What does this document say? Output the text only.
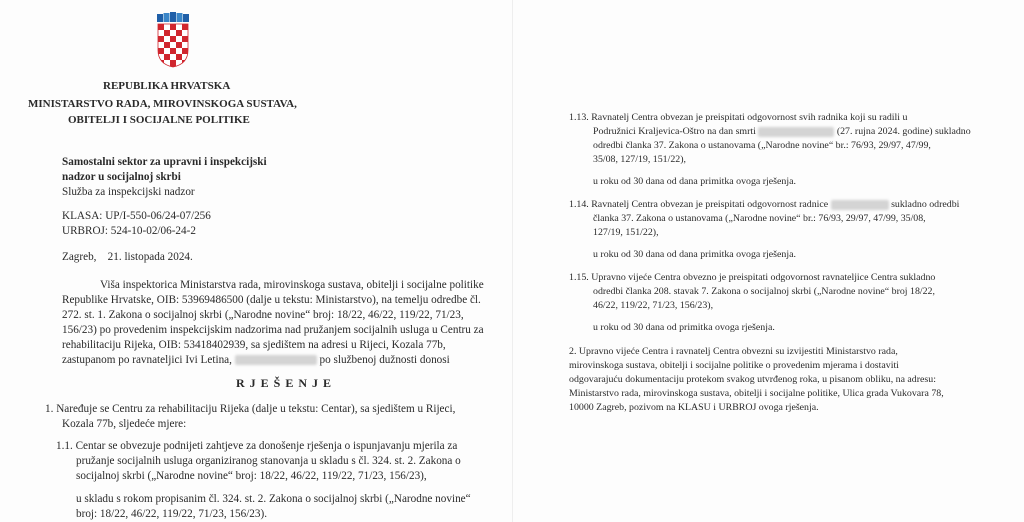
REPUBLIKA HRVATSKA
MINISTARSTVO RADA, MIROVINSKOGA SUSTAVA,
OBITELJI I SOCIJALNE POLITIKE
Samostalni sektor za upravni i inspekcijski
nadzor u socijalnoj skrbi
Služba za inspekcijski nadzor
KLASA: UP/I-550-06/24-07/256
URBROJ: 524-10-02/06-24-2
Zagreb,    21. listopada 2024.
Viša inspektorica Ministarstva rada, mirovinskoga sustava, obitelji i socijalne politike
Republike Hrvatske, OIB: 53969486500 (dalje u tekstu: Ministarstvo), na temelju odredbe čl.
272. st. 1. Zakona o socijalnoj skrbi („Narodne novine“ broj: 18/22, 46/22, 119/22, 71/23,
156/23) po provedenim inspekcijskim nadzorima nad pružanjem socijalnih usluga u Centru za
rehabilitaciju Rijeka, OIB: 53418402939, sa sjedištem na adresi u Rijeci, Kozala 77b,
zastupanom po ravnateljici Ivi Letina,	po službenoj dužnosti donosi
R J E Š E N J E
1. Naređuje se Centru za rehabilitaciju Rijeka (dalje u tekstu: Centar), sa sjedištem u Rijeci,
Kozala 77b, sljedeće mjere:
1.1. Centar se obvezuje podnijeti zahtjeve za donošenje rješenja o ispunjavanju mjerila za
pružanje socijalnih usluga organiziranog stanovanja u skladu s čl. 324. st. 2. Zakona o
socijalnoj skrbi („Narodne novine“ broj: 18/22, 46/22, 119/22, 71/23, 156/23),
u skladu s rokom propisanim čl. 324. st. 2. Zakona o socijalnoj skrbi („Narodne novine“
broj: 18/22, 46/22, 119/22, 71/23, 156/23).
1.13. Ravnatelj Centra obvezan je preispitati odgovornost svih radnika koji su radili u
Podružnici Kraljevica-Oštro na dan smrti	(27. rujna 2024. godine) sukladno
odredbi članka 37. Zakona o ustanovama („Narodne novine“ br.: 76/93, 29/97, 47/99,
35/08, 127/19, 151/22),
u roku od 30 dana od dana primitka ovoga rješenja.
1.14. Ravnatelj Centra obvezan je preispitati odgovornost radnice	sukladno odredbi
članka 37. Zakona o ustanovama („Narodne novine“ br.: 76/93, 29/97, 47/99, 35/08,
127/19, 151/22),
u roku od 30 dana od dana primitka ovoga rješenja.
1.15. Upravno vijeće Centra obvezno je preispitati odgovornost ravnateljice Centra sukladno
odredbi članka 208. stavak 7. Zakona o socijalnoj skrbi („Narodne novine“ broj 18/22,
46/22, 119/22, 71/23, 156/23),
u roku od 30 dana od primitka ovoga rješenja.
2. Upravno vijeće Centra i ravnatelj Centra obvezni su izvijestiti Ministarstvo rada,
mirovinskoga sustava, obitelji i socijalne politike o provedenim mjerama i dostaviti
odgovarajuću dokumentaciju protekom svakog utvrđenog roka, u pisanom obliku, na adresu:
Ministarstvo rada, mirovinskoga sustava, obitelji i socijalne politike, Ulica grada Vukovara 78,
10000 Zagreb, pozivom na KLASU i URBROJ ovoga rješenja.
